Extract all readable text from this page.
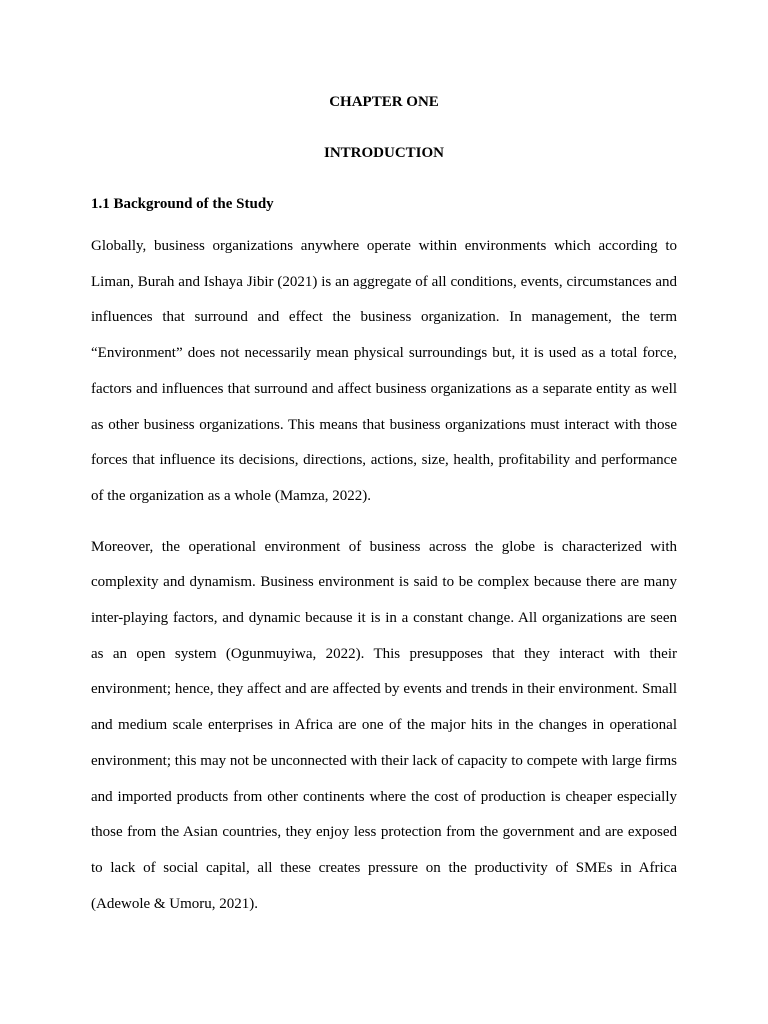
CHAPTER ONE
INTRODUCTION
1.1 Background of the Study

Globally, business organizations anywhere operate within environments which according to Liman, Burah and Ishaya Jibir (2021) is an aggregate of all conditions, events, circumstances and influences that surround and effect the business organization. In management, the term “Environment” does not necessarily mean physical surroundings but, it is used as a total force, factors and influences that surround and affect business organizations as a separate entity as well as other business organizations. This means that business organizations must interact with those forces that influence its decisions, directions, actions, size, health, profitability and performance of the organization as a whole (Mamza, 2022).

Moreover, the operational environment of business across the globe is characterized with complexity and dynamism. Business environment is said to be complex because there are many inter-playing factors, and dynamic because it is in a constant change. All organizations are seen as an open system (Ogunmuyiwa, 2022). This presupposes that they interact with their environment; hence, they affect and are affected by events and trends in their environment. Small and medium scale enterprises in Africa are one of the major hits in the changes in operational environment; this may not be unconnected with their lack of capacity to compete with large firms and imported products from other continents where the cost of production is cheaper especially those from the Asian countries, they enjoy less protection from the government and are exposed to lack of social capital, all these creates pressure on the productivity of SMEs in Africa (Adewole & Umoru, 2021).
